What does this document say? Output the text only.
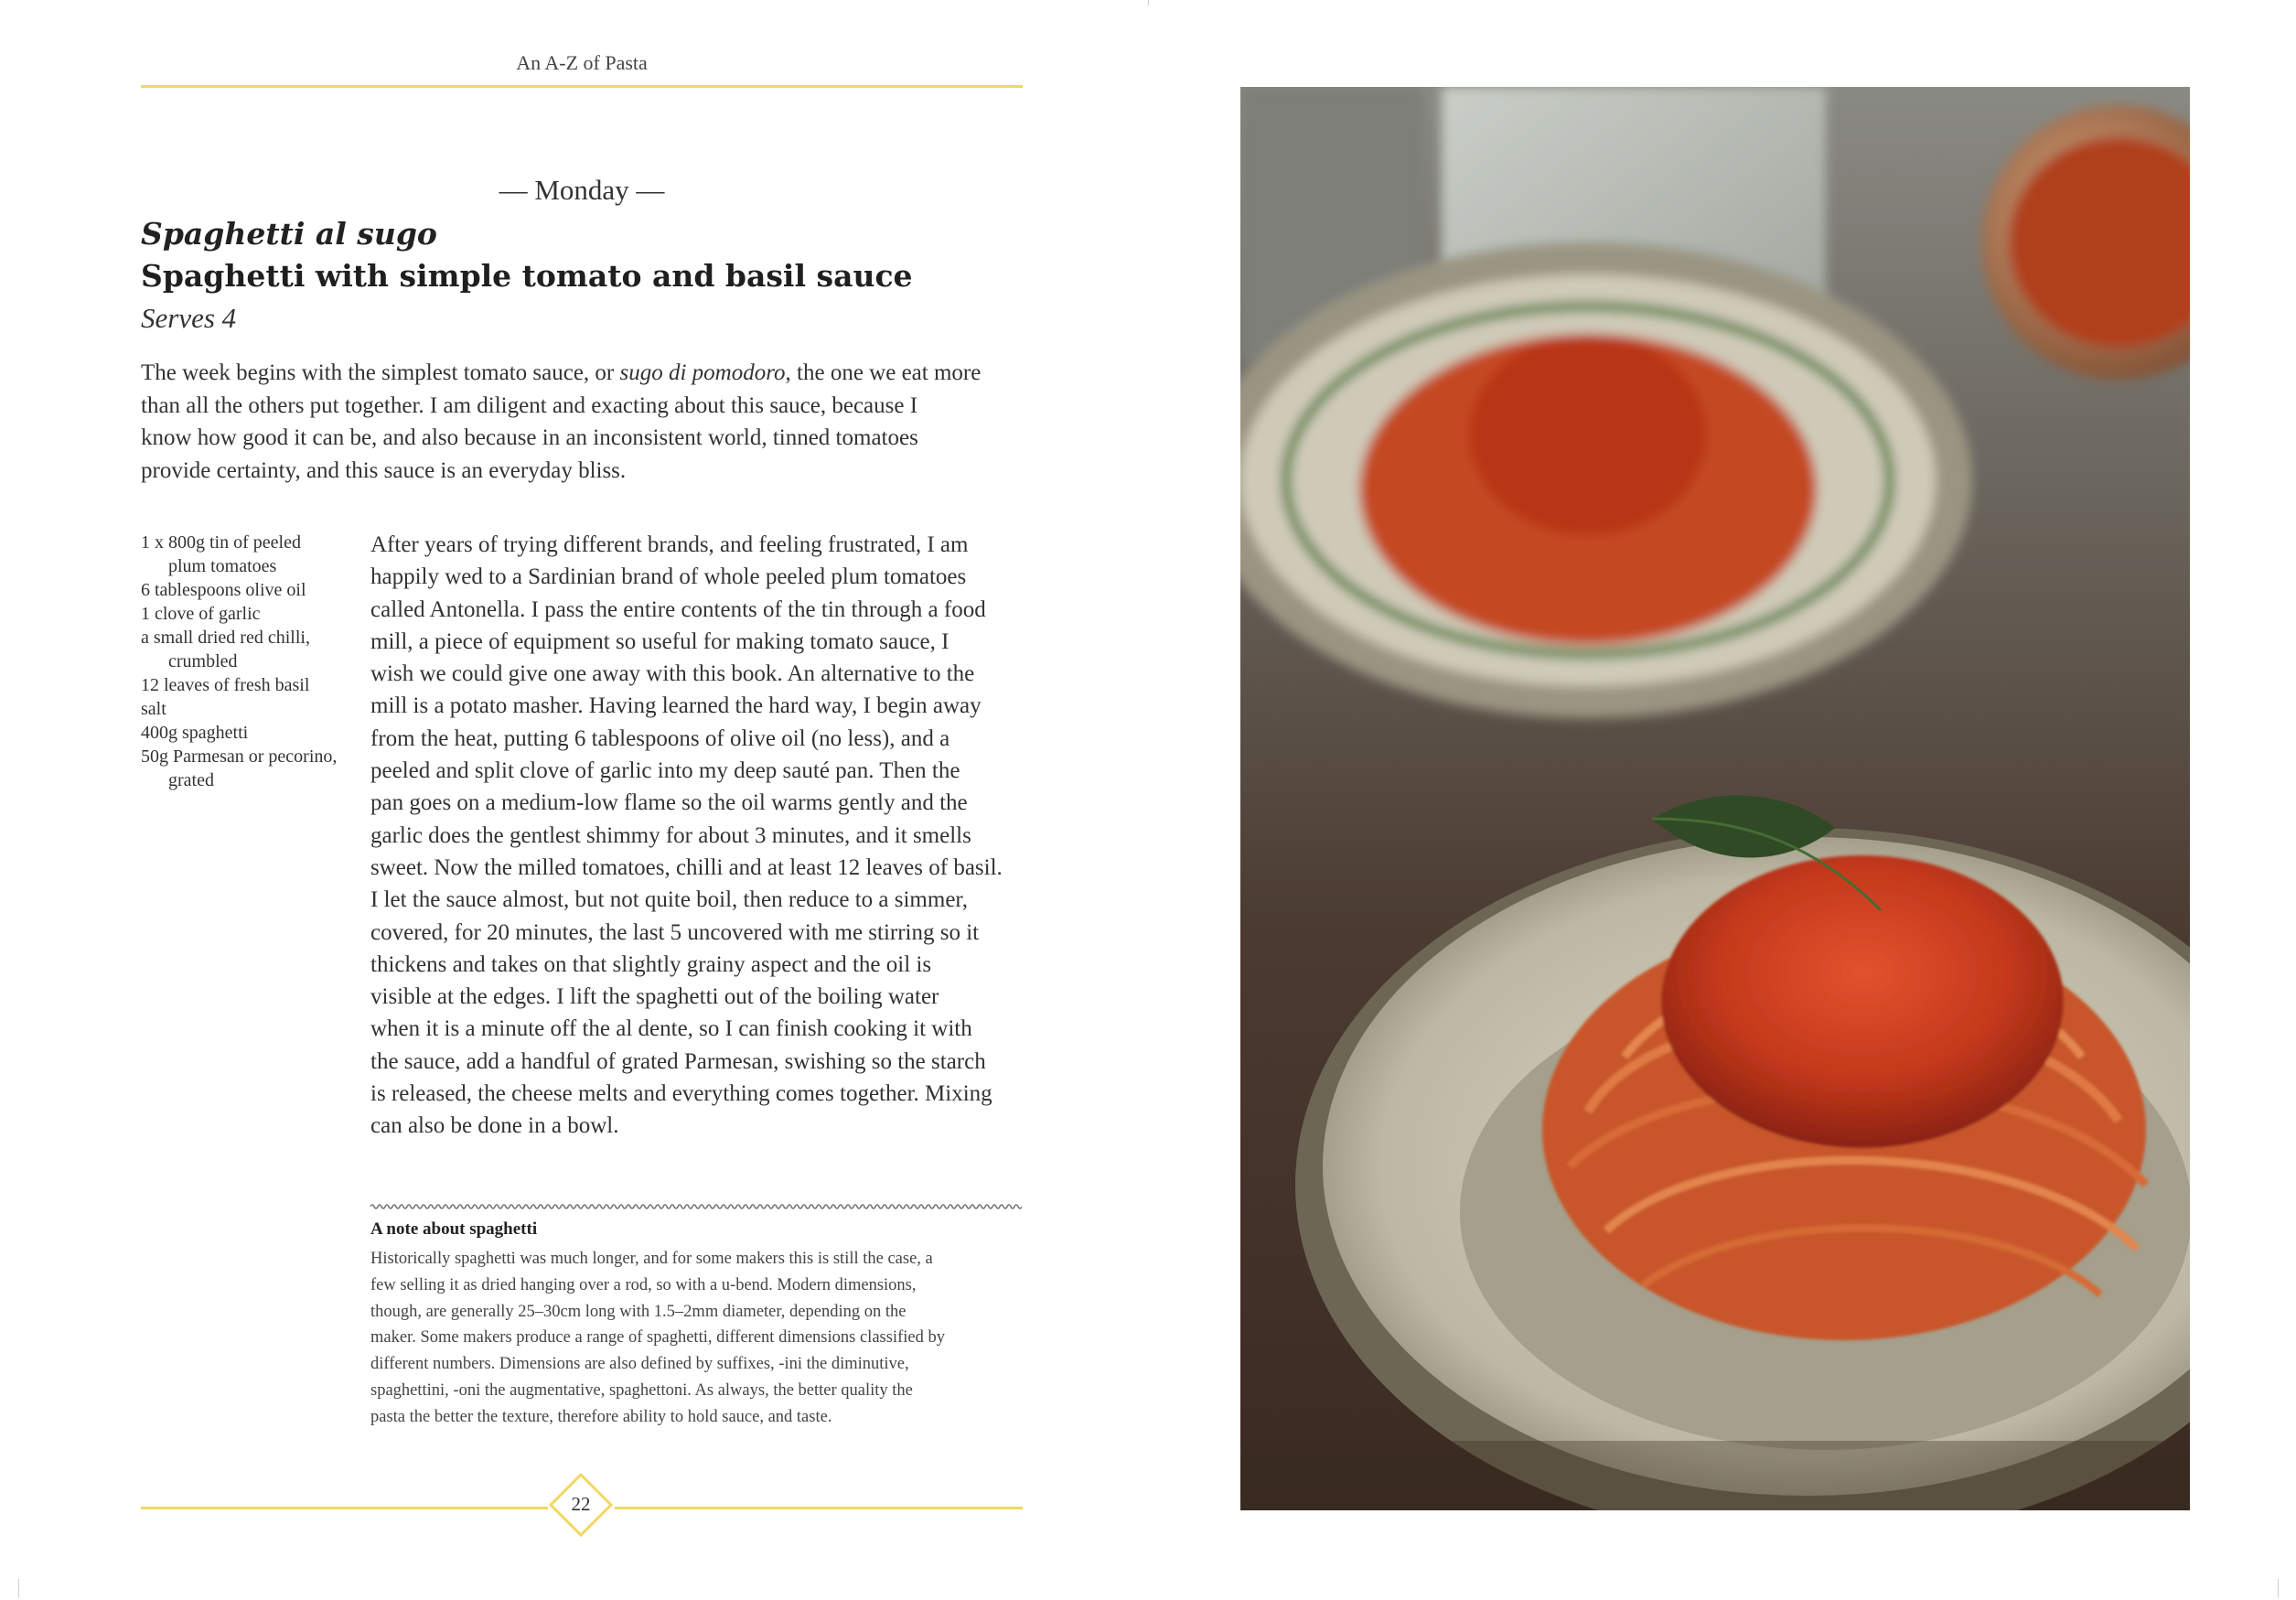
An A-Z of Pasta
— Monday —
Spaghetti al sugo
Spaghetti with simple tomato and basil sauce
Serves 4
The week begins with the simplest tomato sauce, or sugo di pomodoro, the one we eat more
than all the others put together. I am diligent and exacting about this sauce, because I
know how good it can be, and also because in an inconsistent world, tinned tomatoes
provide certainty, and this sauce is an everyday bliss.
1 x 800g tin of peeled plum tomatoes
6 tablespoons olive oil
1 clove of garlic
a small dried red chilli, crumbled
12 leaves of fresh basil
salt
400g spaghetti
50g Parmesan or pecorino, grated
After years of trying different brands, and feeling frustrated, I am
happily wed to a Sardinian brand of whole peeled plum tomatoes
called Antonella. I pass the entire contents of the tin through a food
mill, a piece of equipment so useful for making tomato sauce, I
wish we could give one away with this book. An alternative to the
mill is a potato masher. Having learned the hard way, I begin away
from the heat, putting 6 tablespoons of olive oil (no less), and a
peeled and split clove of garlic into my deep sauté pan. Then the
pan goes on a medium-low flame so the oil warms gently and the
garlic does the gentlest shimmy for about 3 minutes, and it smells
sweet. Now the milled tomatoes, chilli and at least 12 leaves of basil.
I let the sauce almost, but not quite boil, then reduce to a simmer,
covered, for 20 minutes, the last 5 uncovered with me stirring so it
thickens and takes on that slightly grainy aspect and the oil is
visible at the edges. I lift the spaghetti out of the boiling water
when it is a minute off the al dente, so I can finish cooking it with
the sauce, add a handful of grated Parmesan, swishing so the starch
is released, the cheese melts and everything comes together. Mixing
can also be done in a bowl.
A note about spaghetti
Historically spaghetti was much longer, and for some makers this is still the case, a
few selling it as dried hanging over a rod, so with a u-bend. Modern dimensions,
though, are generally 25–30cm long with 1.5–2mm diameter, depending on the
maker. Some makers produce a range of spaghetti, different dimensions classified by
different numbers. Dimensions are also defined by suffixes, -ini the diminutive,
spaghettini, -oni the augmentative, spaghettoni. As always, the better quality the
pasta the better the texture, therefore ability to hold sauce, and taste.
22
